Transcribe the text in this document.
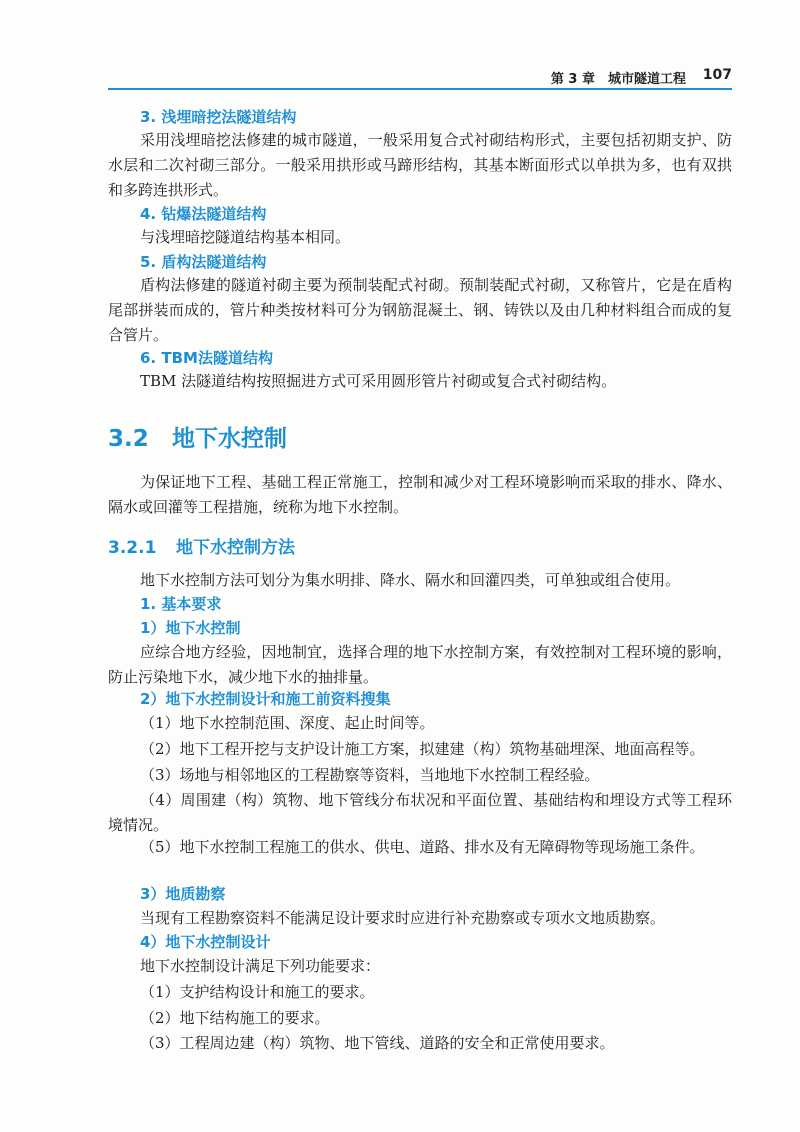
第 3 章　城市隧道工程 107
3. 浅埋暗挖法隧道结构

采用浅埋暗挖法修建的城市隧道，一般采用复合式衬砌结构形式，主要包括初期支护、防水层和二次衬砌三部分。一般采用拱形或马蹄形结构，其基本断面形式以单拱为多，也有双拱和多跨连拱形式。

4. 钻爆法隧道结构

与浅埋暗挖隧道结构基本相同。

5. 盾构法隧道结构

盾构法修建的隧道衬砌主要为预制装配式衬砌。预制装配式衬砌，又称管片，它是在盾构尾部拼装而成的，管片种类按材料可分为钢筋混凝土、钢、铸铁以及由几种材料组合而成的复合管片。

6. TBM法隧道结构

TBM 法隧道结构按照掘进方式可采用圆形管片衬砌或复合式衬砌结构。

3.2 地下水控制

为保证地下工程、基础工程正常施工，控制和减少对工程环境影响而采取的排水、降水、隔水或回灌等工程措施，统称为地下水控制。

3.2.1 地下水控制方法

地下水控制方法可划分为集水明排、降水、隔水和回灌四类，可单独或组合使用。

1. 基本要求
1）地下水控制

应综合地方经验，因地制宜，选择合理的地下水控制方案，有效控制对工程环境的影响，防止污染地下水，减少地下水的抽排量。

2）地下水控制设计和施工前资料搜集

（1）地下水控制范围、深度、起止时间等。

（2）地下工程开挖与支护设计施工方案，拟建建（构）筑物基础埋深、地面高程等。

（3）场地与相邻地区的工程勘察等资料，当地地下水控制工程经验。

（4）周围建（构）筑物、地下管线分布状况和平面位置、基础结构和埋设方式等工程环境情况。

（5）地下水控制工程施工的供水、供电、道路、排水及有无障碍物等现场施工条件。

3）地质勘察

当现有工程勘察资料不能满足设计要求时应进行补充勘察或专项水文地质勘察。

4）地下水控制设计

地下水控制设计满足下列功能要求：

（1）支护结构设计和施工的要求。

（2）地下结构施工的要求。

（3）工程周边建（构）筑物、地下管线、道路的安全和正常使用要求。
